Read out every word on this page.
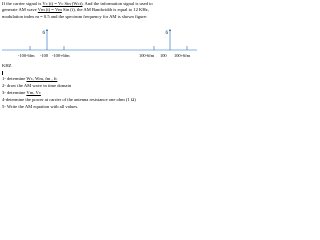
If the carrier signal is Vc (t) = Vc Sin (Wct). And the information signal is used to
generate AM wave Vm (t) = Vm Sin (t), the AM Bandwidth is equal to 12 KHz,
modulation index m = 0.5 and the spectrum frequency for AM is shown figure:
6	6
-100-6fm -100 -100+6fm	100-6fm 100 100+6fm
KHZ
1- determine Wc, Wm, fm , fc
2- draw the AM wave in time domain
3- determine Vm, Vc
4-determine the power at carrier of the antenna resistance one ohm (1 Ω)
5- Write the AM equation with all values.
